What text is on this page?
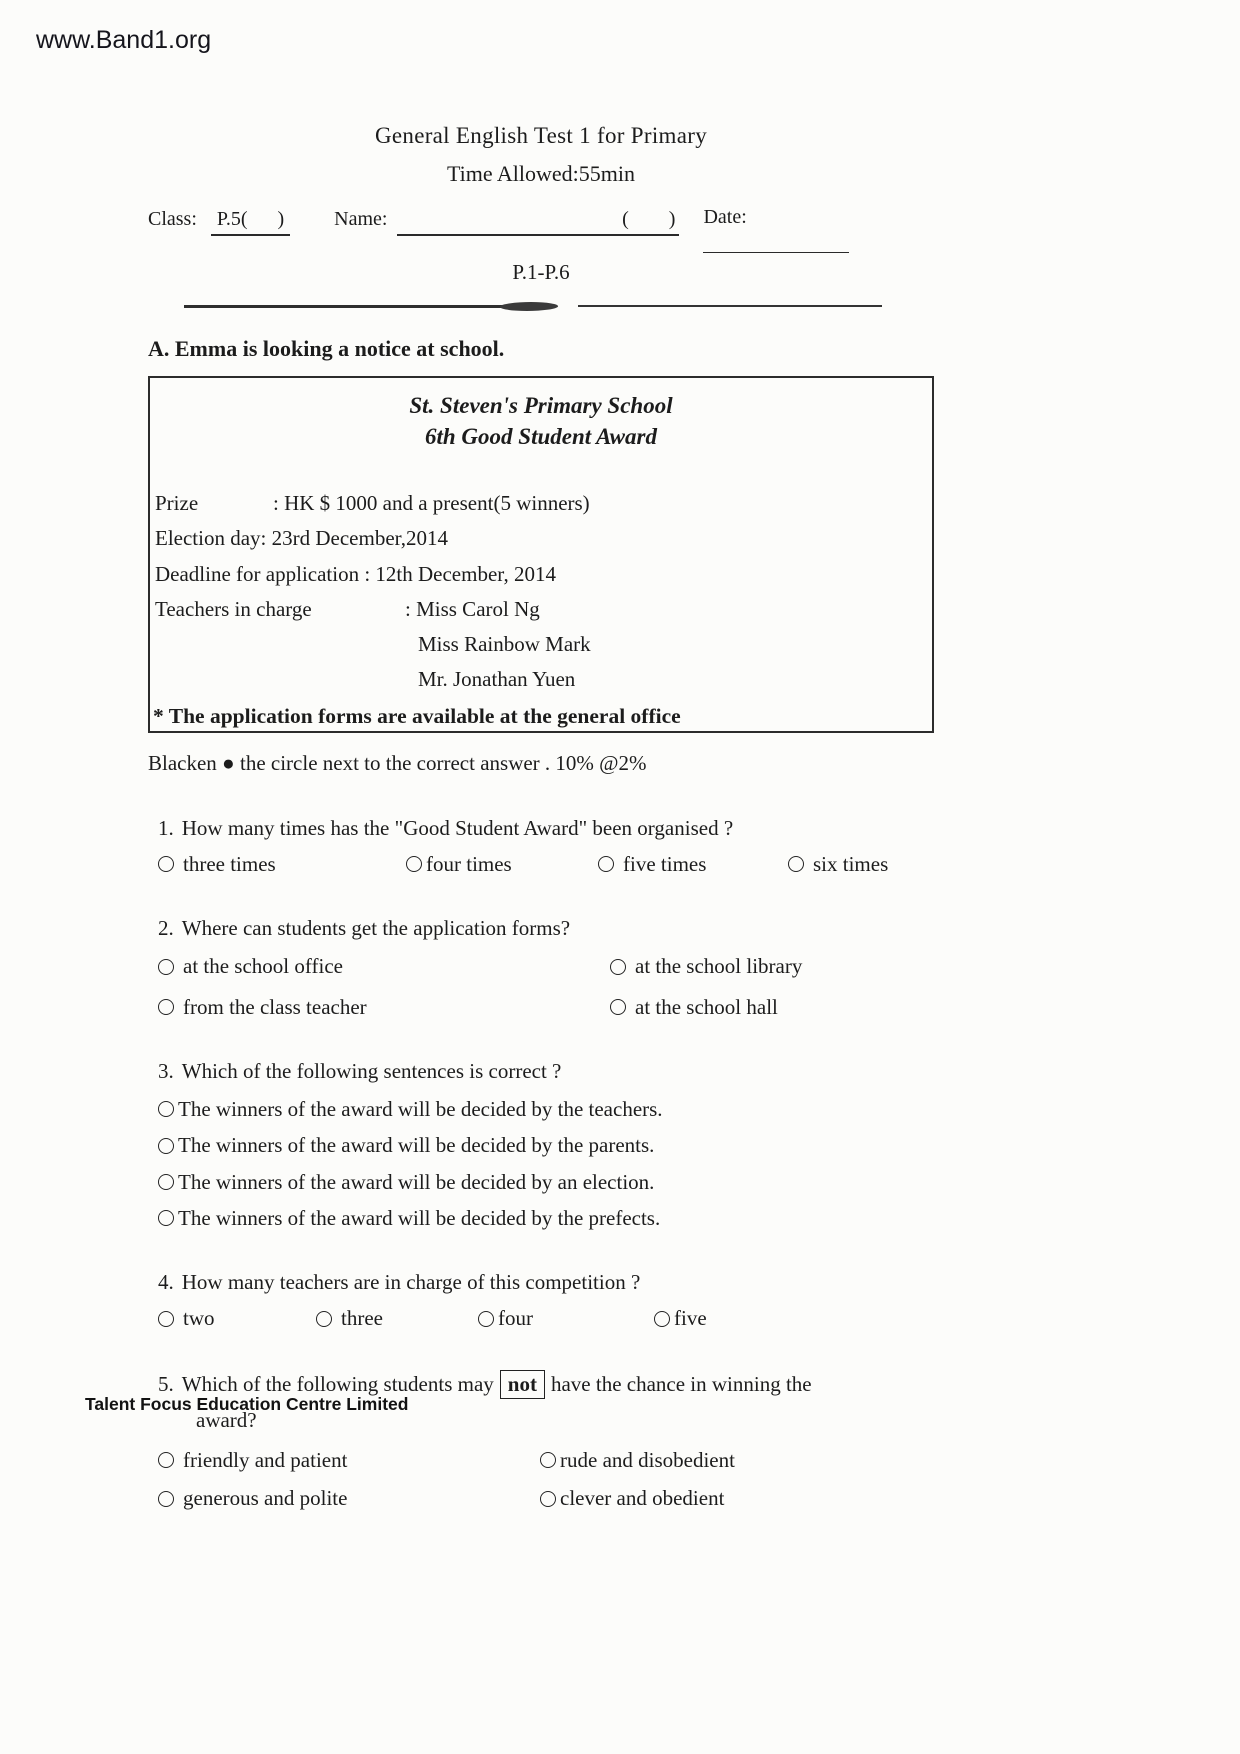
www.Band1.org
General English Test 1 for Primary
Time Allowed:55min
Class:	P.5(      )	Name:	(        ) Date:
P.1-P.6
A. Emma is looking a notice at school.
St. Steven's Primary School
6th Good Student Award
Prize	: HK $ 1000 and a present(5 winners)
Election day: 23rd December,2014
Deadline for application : 12th December, 2014
Teachers in charge	: Miss Carol Ng
Miss Rainbow Mark
Mr. Jonathan Yuen
* The application forms are available at the general office
Blacken ● the circle next to the correct answer . 10% @2%
1. How many times has the "Good Student Award" been organised ?
three times	four times	five times	six times
2. Where can students get the application forms?
at the school office	at the school library
from the class teacher	at the school hall
3. Which of the following sentences is correct ?
The winners of the award will be decided by the teachers.
The winners of the award will be decided by the parents.
The winners of the award will be decided by an election.
The winners of the award will be decided by the prefects.
4. How many teachers are in charge of this competition ?
two	three	four	five
5. Which of the following students may not have the chance in winning the
award?
friendly and patient	rude and disobedient
generous and polite	clever and obedient
Talent Focus Education Centre Limited
